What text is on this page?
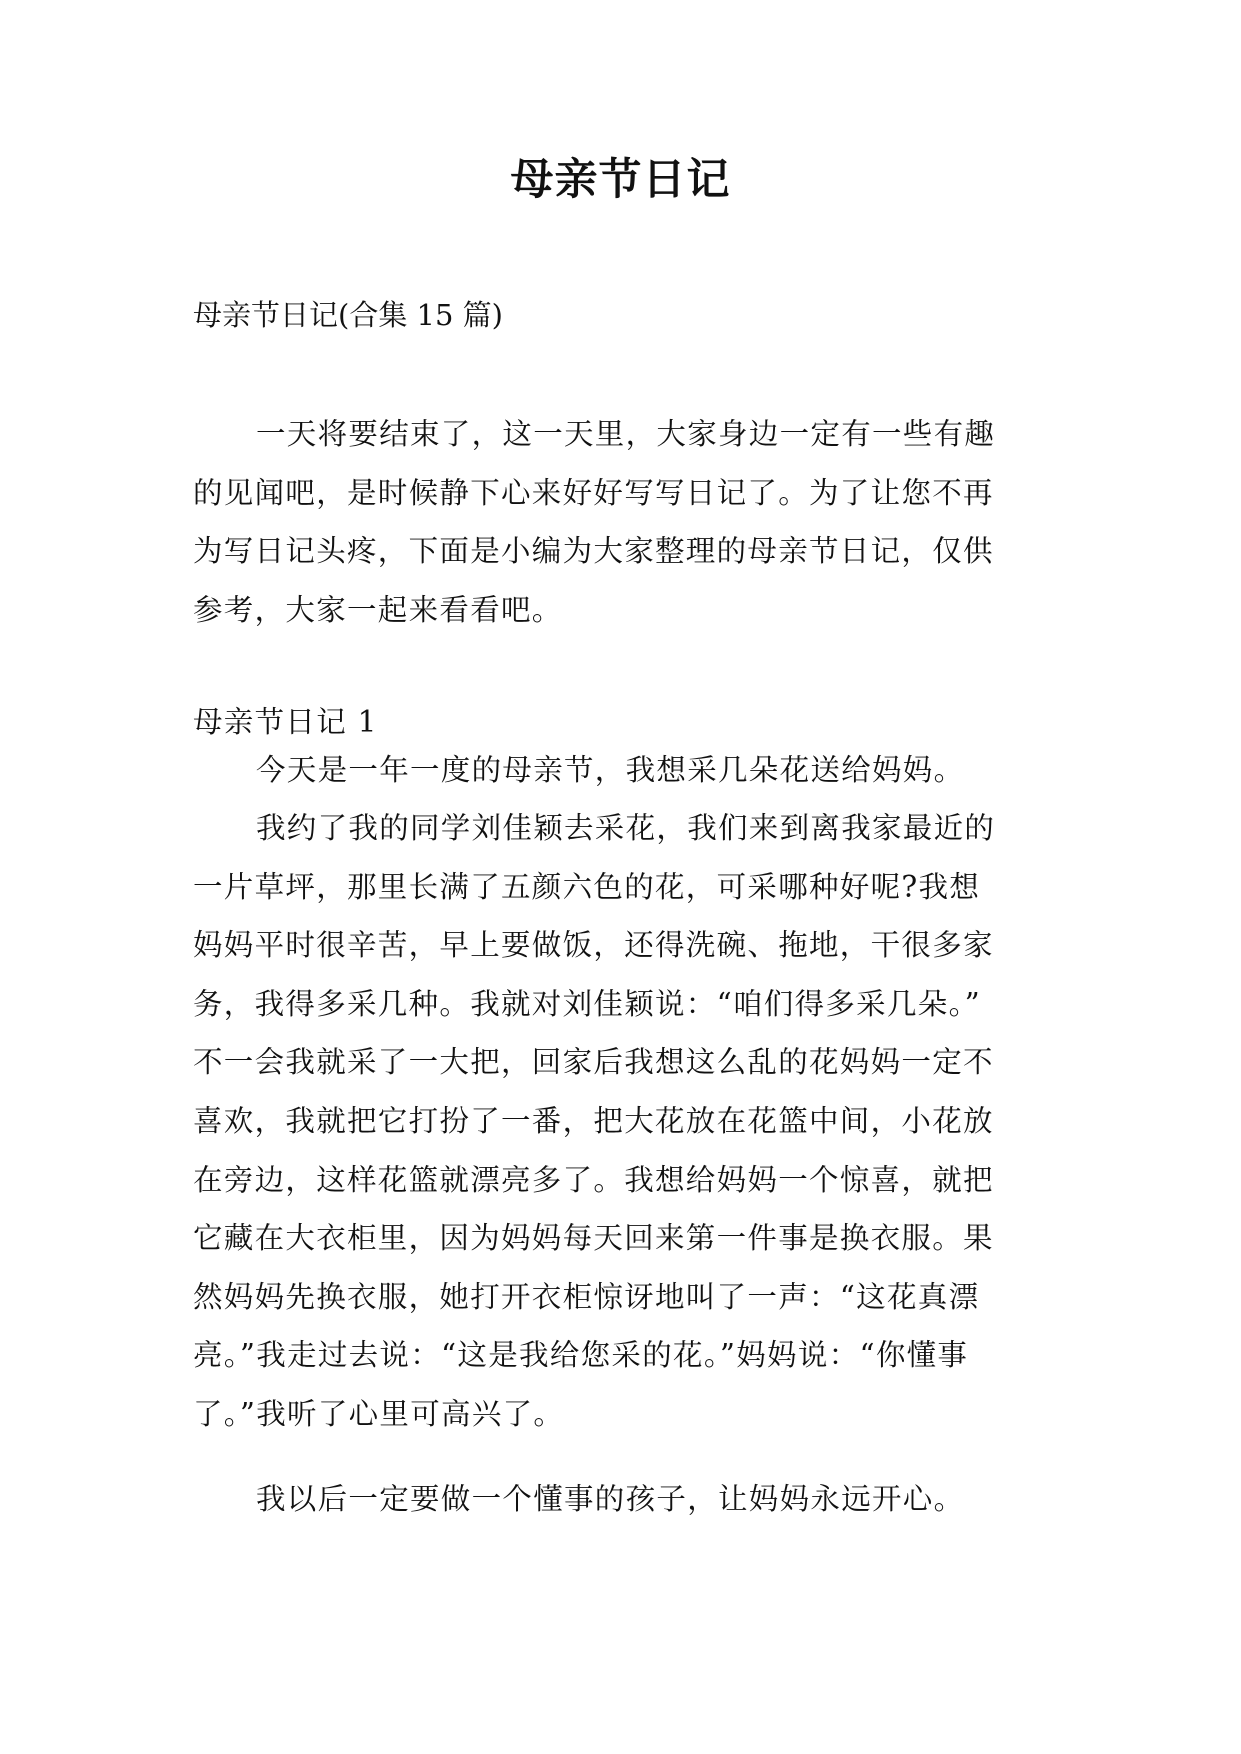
母亲节日记
母亲节日记(合集 15 篇)
一天将要结束了，这一天里，大家身边一定有一些有趣
的见闻吧，是时候静下心来好好写写日记了。为了让您不再
为写日记头疼，下面是小编为大家整理的母亲节日记，仅供
参考，大家一起来看看吧。
母亲节日记 1
今天是一年一度的母亲节，我想采几朵花送给妈妈。
我约了我的同学刘佳颖去采花，我们来到离我家最近的
一片草坪，那里长满了五颜六色的花，可采哪种好呢?我想
妈妈平时很辛苦，早上要做饭，还得洗碗、拖地，干很多家
务，我得多采几种。我就对刘佳颖说：“咱们得多采几朵。”
不一会我就采了一大把，回家后我想这么乱的花妈妈一定不
喜欢，我就把它打扮了一番，把大花放在花篮中间，小花放
在旁边，这样花篮就漂亮多了。我想给妈妈一个惊喜，就把
它藏在大衣柜里，因为妈妈每天回来第一件事是换衣服。果
然妈妈先换衣服，她打开衣柜惊讶地叫了一声：“这花真漂
亮。”我走过去说：“这是我给您采的花。”妈妈说：“你懂事
了。”我听了心里可高兴了。
我以后一定要做一个懂事的孩子，让妈妈永远开心。
